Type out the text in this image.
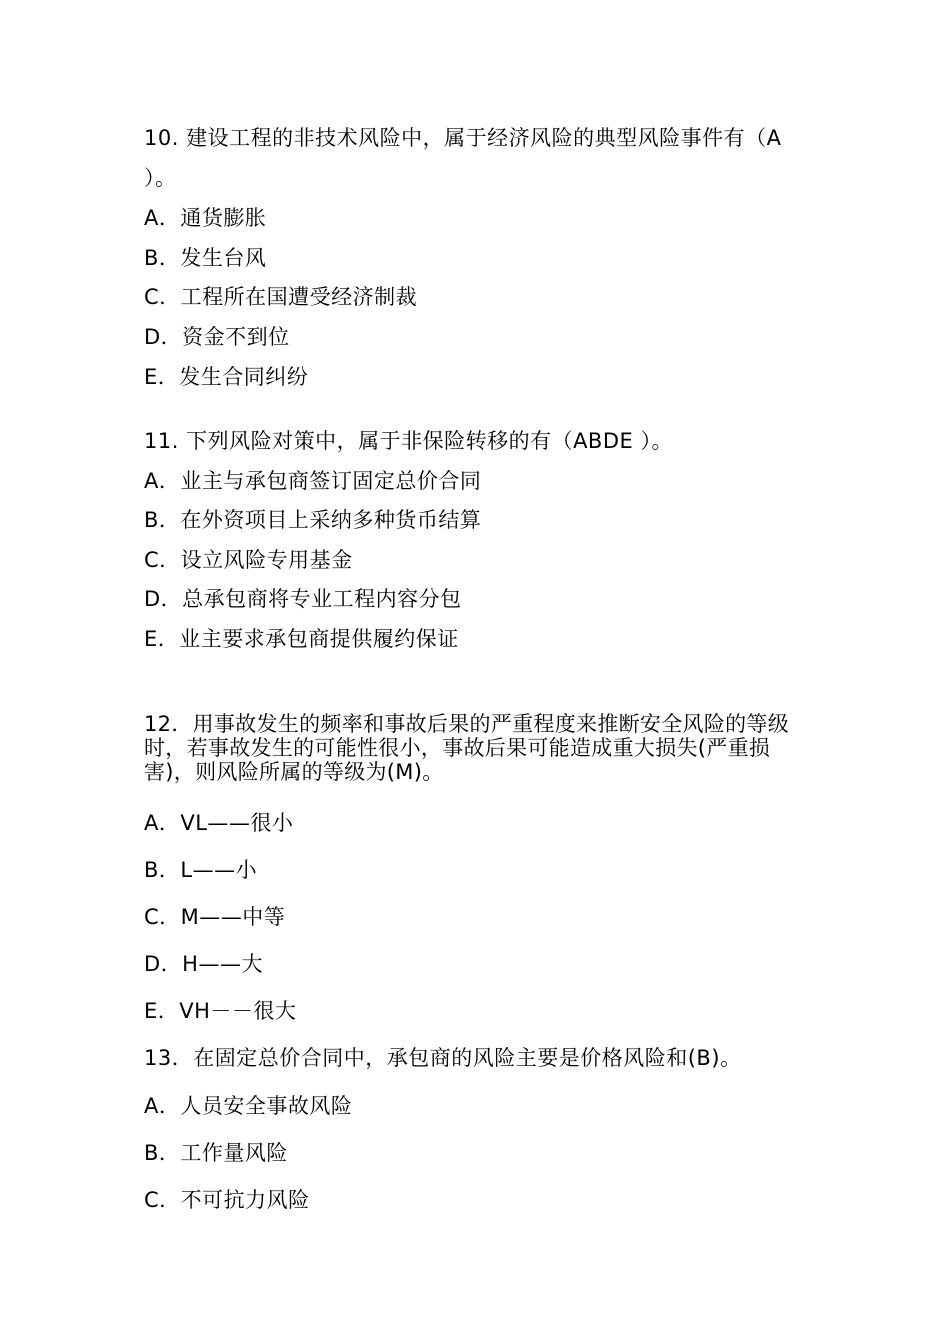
10. 建设工程的非技术风险中，属于经济风险的典型风险事件有（A
）。
A．通货膨胀
B．发生台风
C．工程所在国遭受经济制裁
D．资金不到位
E．发生合同纠纷
11. 下列风险对策中，属于非保险转移的有（ABDE ）。
A．业主与承包商签订固定总价合同
B．在外资项目上采纳多种货币结算
C．设立风险专用基金
D．总承包商将专业工程内容分包
E．业主要求承包商提供履约保证
12．用事故发生的频率和事故后果的严重程度来推断安全风险的等级时，若事故发生的可能性很小，事故后果可能造成重大损失(严重损害)，则风险所属的等级为(M)。
A．VL——很小
B．L——小
C．M——中等
D．H——大
E．VH－－很大
13．在固定总价合同中，承包商的风险主要是价格风险和(B)。
A．人员安全事故风险
B．工作量风险
C．不可抗力风险
